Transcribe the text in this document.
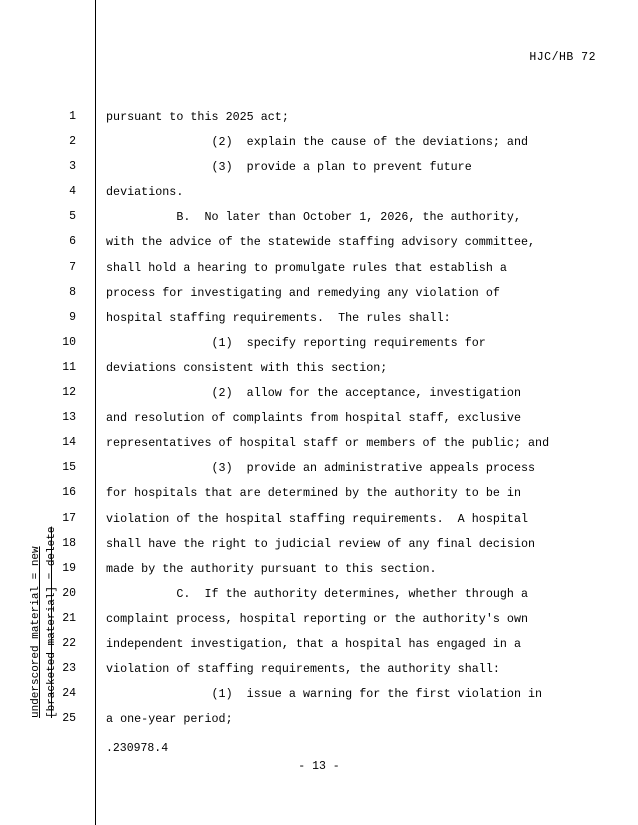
HJC/HB 72
underscored material = new [bracketed material] = delete
1	pursuant to this 2025 act;
2	(2)  explain the cause of the deviations; and
3	(3)  provide a plan to prevent future
4	deviations.
5	B.  No later than October 1, 2026, the authority,
6	with the advice of the statewide staffing advisory committee,
7	shall hold a hearing to promulgate rules that establish a
8	process for investigating and remedying any violation of
9	hospital staffing requirements.  The rules shall:
10	(1)  specify reporting requirements for
11	deviations consistent with this section;
12	(2)  allow for the acceptance, investigation
13	and resolution of complaints from hospital staff, exclusive
14	representatives of hospital staff or members of the public; and
15	(3)  provide an administrative appeals process
16	for hospitals that are determined by the authority to be in
17	violation of the hospital staffing requirements.  A hospital
18	shall have the right to judicial review of any final decision
19	made by the authority pursuant to this section.
20	C.  If the authority determines, whether through a
21	complaint process, hospital reporting or the authority's own
22	independent investigation, that a hospital has engaged in a
23	violation of staffing requirements, the authority shall:
24	(1)  issue a warning for the first violation in
25	a one-year period;
.230978.4
- 13 -
